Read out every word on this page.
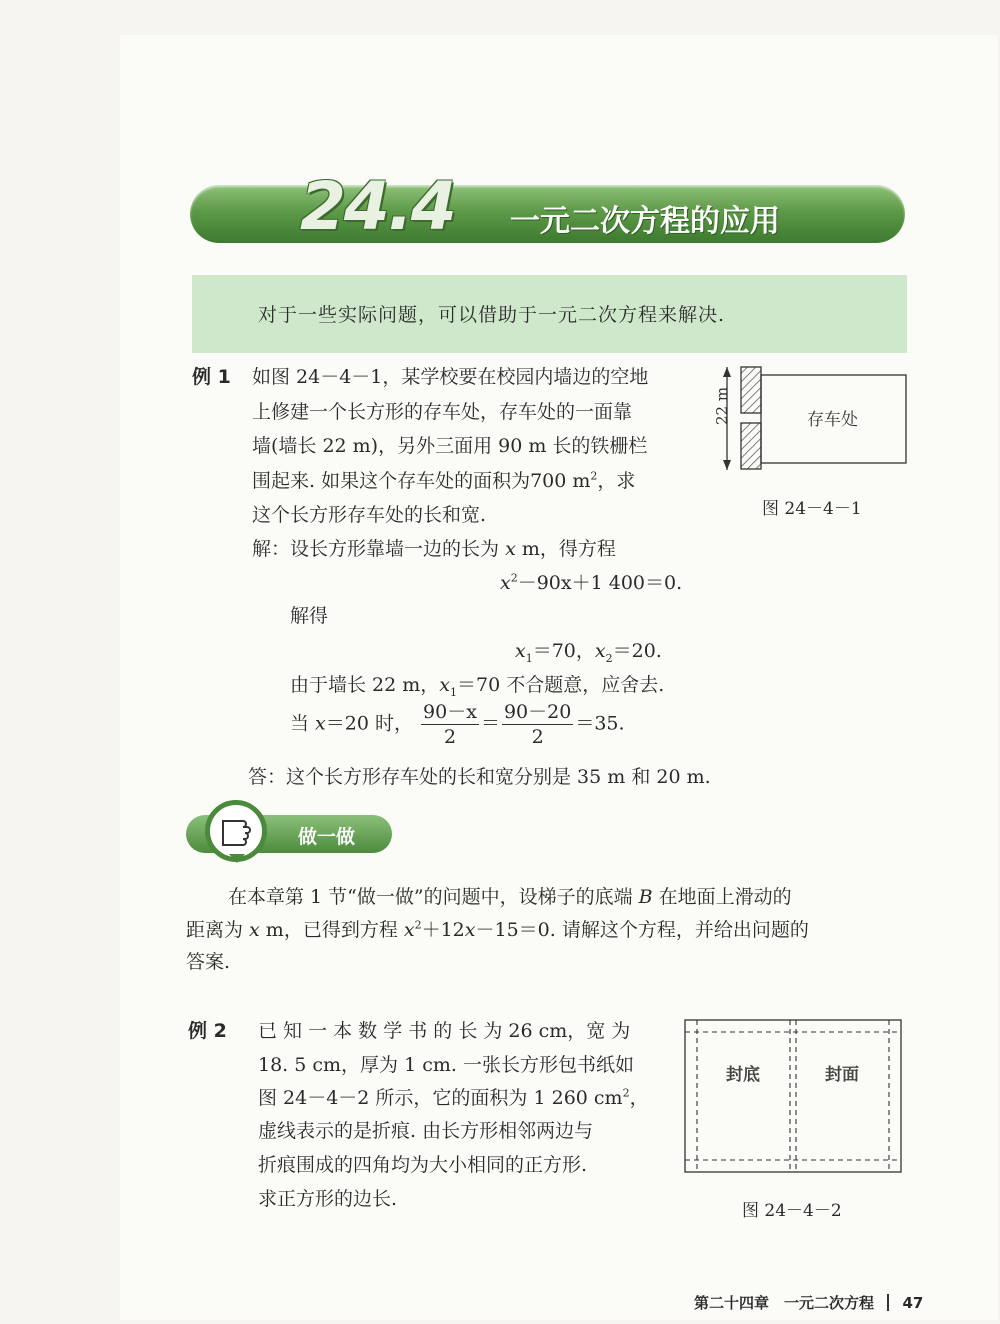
24.4 一元二次方程的应用
对于一些实际问题，可以借助于一元二次方程来解决.
例 1 如图 24－4－1，某学校要在校园内墙边的空地
上修建一个长方形的存车处，存车处的一面靠
墙(墙长 22 m)，另外三面用 90 m 长的铁栅栏
围起来. 如果这个存车处的面积为700 $m^2$，求
这个长方形存车处的长和宽.
解：设长方形靠墙一边的长为 x m，得方程
$x^2-90x+1$ 400＝0.
解得
$x_1=70$，$x_2=20$.
由于墙长 22 m，$x_1=70$ 不合题意，应舍去.
当 x＝20 时， $\frac{90-x}{2} = \frac{90-20}{2} =35$.
答：这个长方形存车处的长和宽分别是 35 m 和 20 m.
22 m	存车处
图 24－4－1
做一做
在本章第 1 节“做一做”的问题中，设梯子的底端 B 在地面上滑动的
距离为 x m，已得到方程 $x^2+12x-15=0$. 请解这个方程，并给出问题的
答案.
例 2 已 知 一 本 数 学 书 的 长 为 26 cm，宽 为
18. 5 cm，厚为 1 cm. 一张长方形包书纸如
图 24－4－2 所示，它的面积为 1 260 $cm^2$，
虚线表示的是折痕. 由长方形相邻两边与
折痕围成的四角均为大小相同的正方形.
求正方形的边长.
封底	封面
图 24－4－2
第二十四章　一元二次方程 47
